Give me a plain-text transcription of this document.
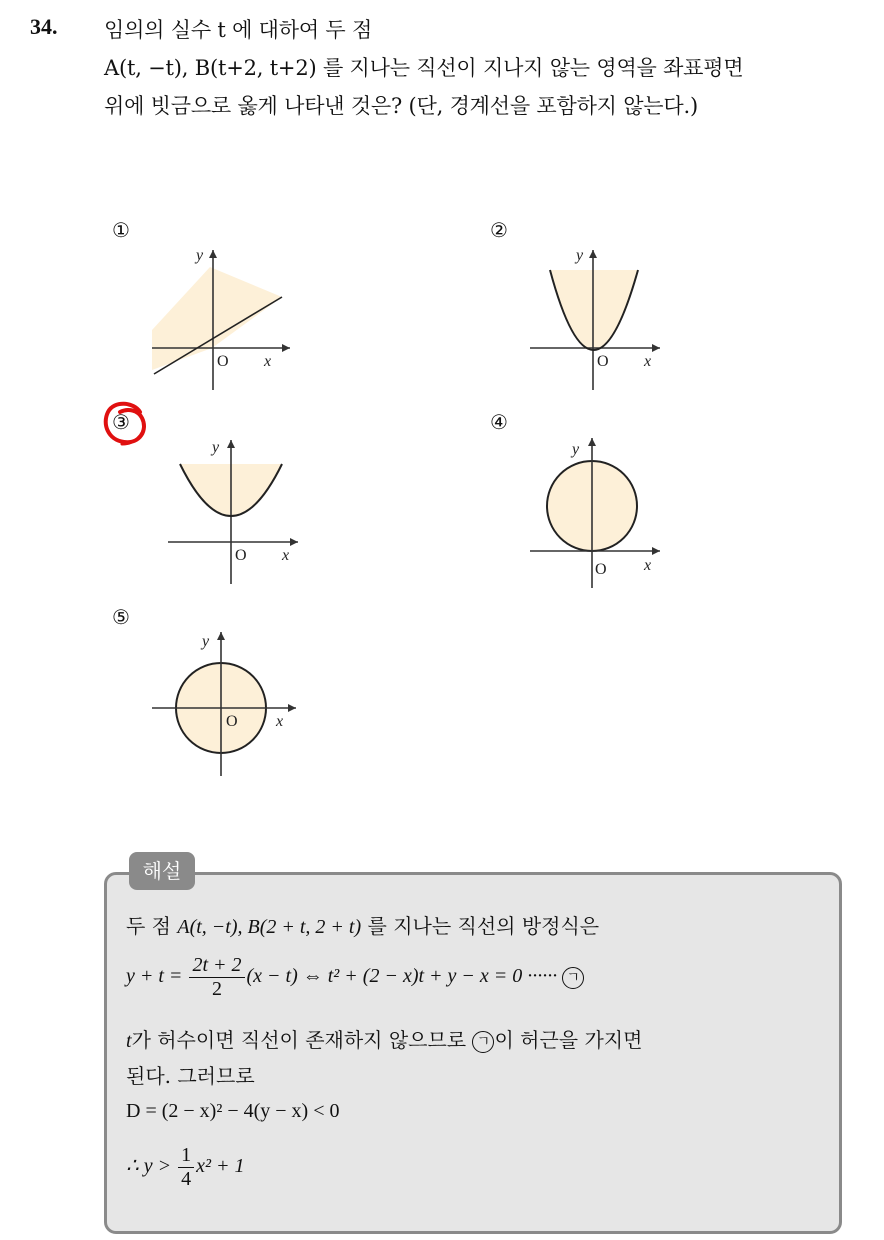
34. 임의의 실수 t 에 대하여 두 점
A(t, −t), B(t+2, t+2) 를 지나는 직선이 지나지 않는 영역을 좌표평면
위에 빗금으로 옳게 나타낸 것은? (단, 경계선을 포함하지 않는다.)
①	②
③	④
⑤
y
x
O
y
x
O
y
x
O
y
x
O
y
x
O
해설
두 점 A(t, −t), B(2 + t, 2 + t) 를 지나는 직선의 방정식은
$y + t = \frac{2t + 2}{2} (x - t)$ ⇔ t² + (2 − x)t + y − x = 0 ······ ㄱ
t가 허수이면 직선이 존재하지 않으므로 ㄱ 이 허근을 가지면
된다. 그러므로
D = (2 − x)² − 4(y − x) < 0
∴ $y > \frac{1}{4} x^2 + 1$
